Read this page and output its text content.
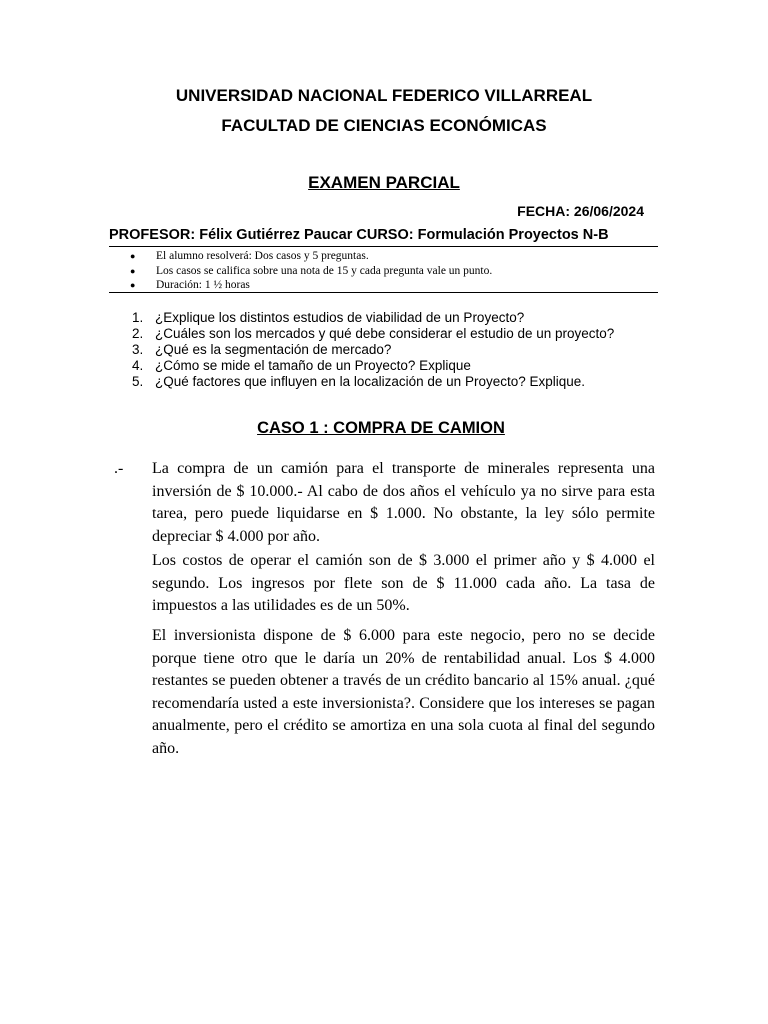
UNIVERSIDAD NACIONAL FEDERICO VILLARREAL
FACULTAD DE CIENCIAS ECONÓMICAS
EXAMEN PARCIAL
FECHA: 26/06/2024
PROFESOR: Félix Gutiérrez Paucar CURSO: Formulación Proyectos N-B
● El alumno resolverá: Dos casos y 5 preguntas.
● Los casos se califica sobre una nota de 15 y cada pregunta vale un punto.
● Duración: 1 ½ horas
1. ¿Explique los distintos estudios de viabilidad de un Proyecto?
2. ¿Cuáles son los mercados y qué debe considerar el estudio de un proyecto?
3. ¿Qué es la segmentación de mercado?
4. ¿Cómo se mide el tamaño de un Proyecto? Explique
5. ¿Qué factores que influyen en la localización de un Proyecto? Explique.
CASO 1 : COMPRA DE CAMION
.- La compra de un camión para el transporte de minerales representa una inversión de $ 10.000.- Al cabo de dos años el vehículo ya no sirve para esta tarea, pero puede liquidarse en $ 1.000. No obstante, la ley sólo permite depreciar $ 4.000 por año.
Los costos de operar el camión son de $ 3.000 el primer año y $ 4.000 el segundo. Los ingresos por flete son de $ 11.000 cada año. La tasa de impuestos a las utilidades es de un 50%.
El inversionista dispone de $ 6.000 para este negocio, pero no se decide porque tiene otro que le daría un 20% de rentabilidad anual. Los $ 4.000 restantes se pueden obtener a través de un crédito bancario al 15% anual. ¿qué recomendaría usted a este inversionista?. Considere que los intereses se pagan anualmente, pero el crédito se amortiza en una sola cuota al final del segundo año.
